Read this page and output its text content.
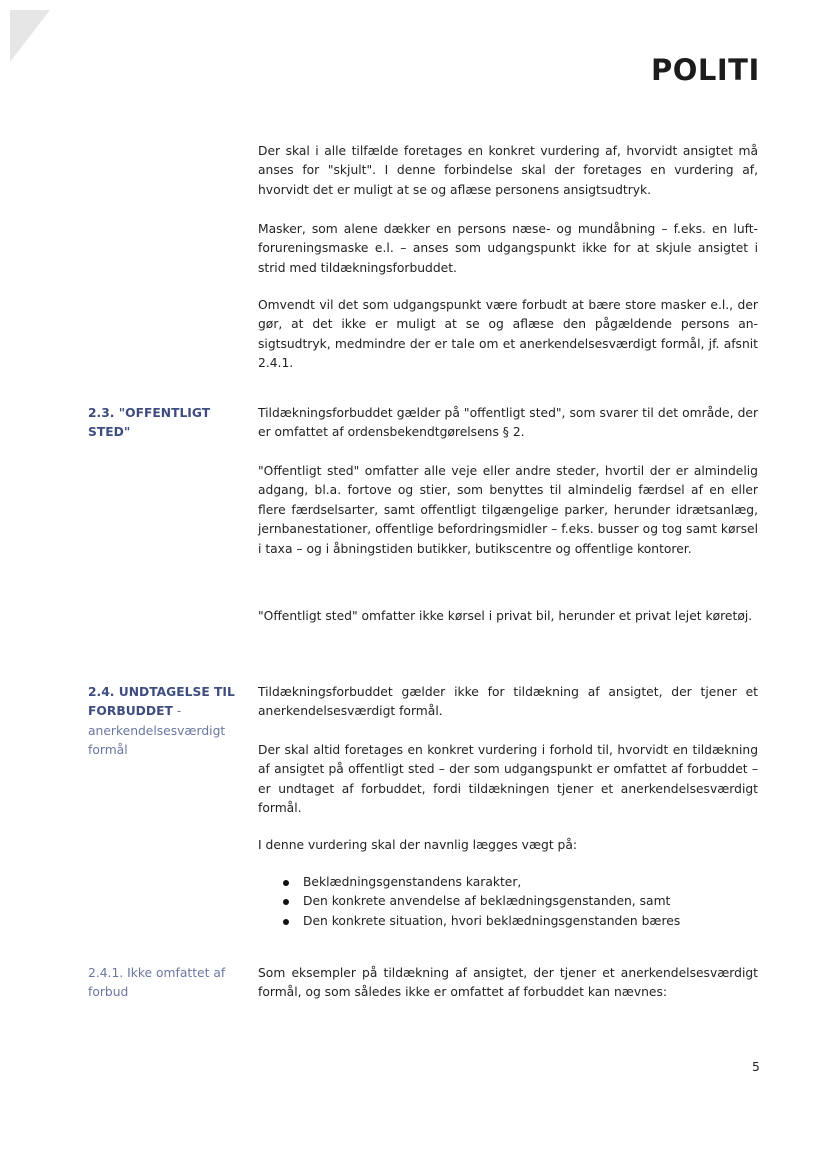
POLITI

Der skal i alle tilfælde foretages en konkret vurdering af, hvorvidt ansigtet må anses for "skjult". I denne forbindelse skal der foretages en vurdering af, hvorvidt det er muligt at se og aflæse personens ansigtsudtryk.

Masker, som alene dækker en persons næse- og mundåbning – f.eks. en luft-forureningsmaske e.l. – anses som udgangspunkt ikke for at skjule ansigtet i strid med tildækningsforbuddet.

Omvendt vil det som udgangspunkt være forbudt at bære store masker e.l., der gør, at det ikke er muligt at se og aflæse den pågældende persons an-sigtsudtryk, medmindre der er tale om et anerkendelsesværdigt formål, jf. afsnit 2.4.1.

2.3. "OFFENTLIGT STED"

Tildækningsforbuddet gælder på "offentligt sted", som svarer til det område, der er omfattet af ordensbekendtgørelsens § 2.

"Offentligt sted" omfatter alle veje eller andre steder, hvortil der er almindelig adgang, bl.a. fortove og stier, som benyttes til almindelig færdsel af en eller flere færdselsarter, samt offentligt tilgængelige parker, herunder idrætsanlæg, jernbanestationer, offentlige befordringsmidler – f.eks. busser og tog samt kørsel i taxa – og i åbningstiden butikker, butikscentre og offentlige kontorer.

"Offentligt sted" omfatter ikke kørsel i privat bil, herunder et privat lejet køretøj.

2.4. UNDTAGELSE TIL FORBUDDET - anerkendelsesværdigt formål

Tildækningsforbuddet gælder ikke for tildækning af ansigtet, der tjener et anerkendelsesværdigt formål.

Der skal altid foretages en konkret vurdering i forhold til, hvorvidt en tildækning af ansigtet på offentligt sted – der som udgangspunkt er omfattet af forbuddet – er undtaget af forbuddet, fordi tildækningen tjener et anerkendelsesværdigt formål.

I denne vurdering skal der navnlig lægges vægt på:

Beklædningsgenstandens karakter,
Den konkrete anvendelse af beklædningsgenstanden, samt
Den konkrete situation, hvori beklædningsgenstanden bæres

2.4.1. Ikke omfattet af forbud

Som eksempler på tildækning af ansigtet, der tjener et anerkendelsesværdigt formål, og som således ikke er omfattet af forbuddet kan nævnes:

5
